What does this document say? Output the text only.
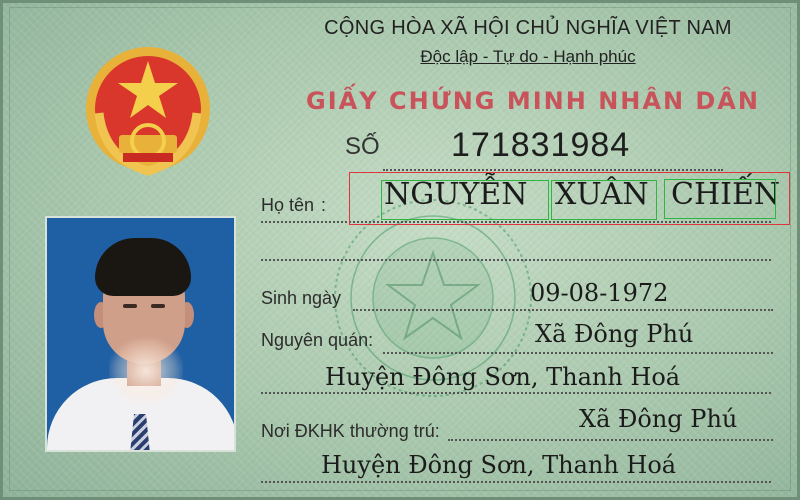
CỘNG HÒA XÃ HỘI CHỦ NGHĨA VIỆT NAM
Độc lập - Tự do - Hạnh phúc
GIẤY CHỨNG MINH NHÂN DÂN
SỐ 171831984
Họ tên : NGUYỄN XUÂN CHIẾN
Sinh ngày	09-08-1972
Nguyên quán:	Xã Đông Phú
Huyện Đông Sơn, Thanh Hoá
Nơi ĐKHK thường trú:	Xã Đông Phú
Huyện Đông Sơn, Thanh Hoá
